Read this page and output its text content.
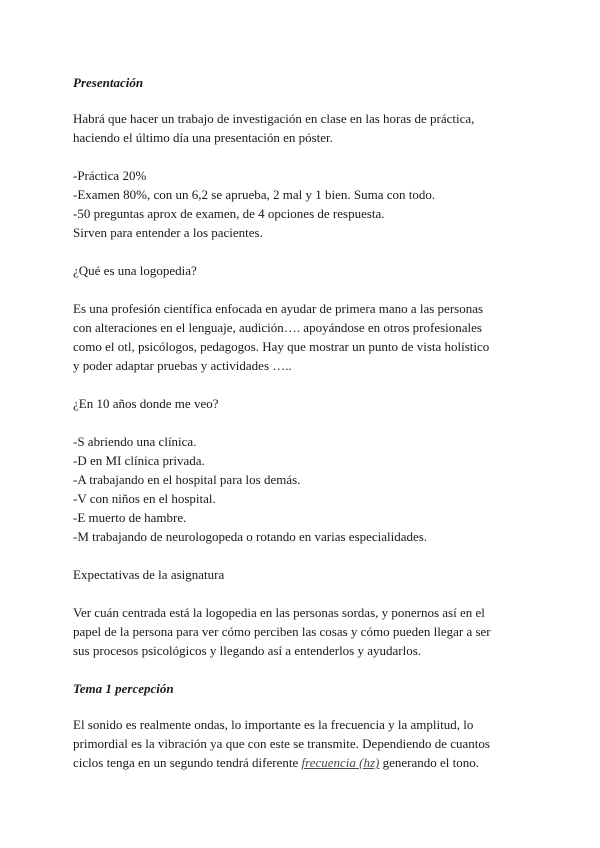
Presentación

Habrá que hacer un trabajo de investigación en clase en las horas de práctica,
haciendo el último día una presentación en póster.

-Práctica 20%
-Examen 80%, con un 6,2 se aprueba, 2 mal y 1 bien. Suma con todo.
-50 preguntas aprox de examen, de 4 opciones de respuesta.
Sirven para entender a los pacientes.

¿Qué es una logopedia?

Es una profesión científica enfocada en ayudar de primera mano a las personas
con alteraciones en el lenguaje, audición…. apoyándose en otros profesionales
como el otl, psicólogos, pedagogos. Hay que mostrar un punto de vista holístico
y poder adaptar pruebas y actividades …..

¿En 10 años donde me veo?

-S abriendo una clínica.
-D en MI clínica privada.
-A trabajando en el hospital para los demás.
-V con niños en el hospital.
-E muerto de hambre.
-M trabajando de neurologopeda o rotando en varias especialidades.

Expectativas de la asignatura

Ver cuán centrada está la logopedia en las personas sordas, y ponernos así en el
papel de la persona para ver cómo perciben las cosas y cómo pueden llegar a ser
sus procesos psicológicos y llegando así a entenderlos y ayudarlos.

Tema 1 percepción

El sonido es realmente ondas, lo importante es la frecuencia y la amplitud, lo
primordial es la vibración ya que con este se transmite. Dependiendo de cuantos
ciclos tenga en un segundo tendrá diferente frecuencia (hz) generando el tono.
